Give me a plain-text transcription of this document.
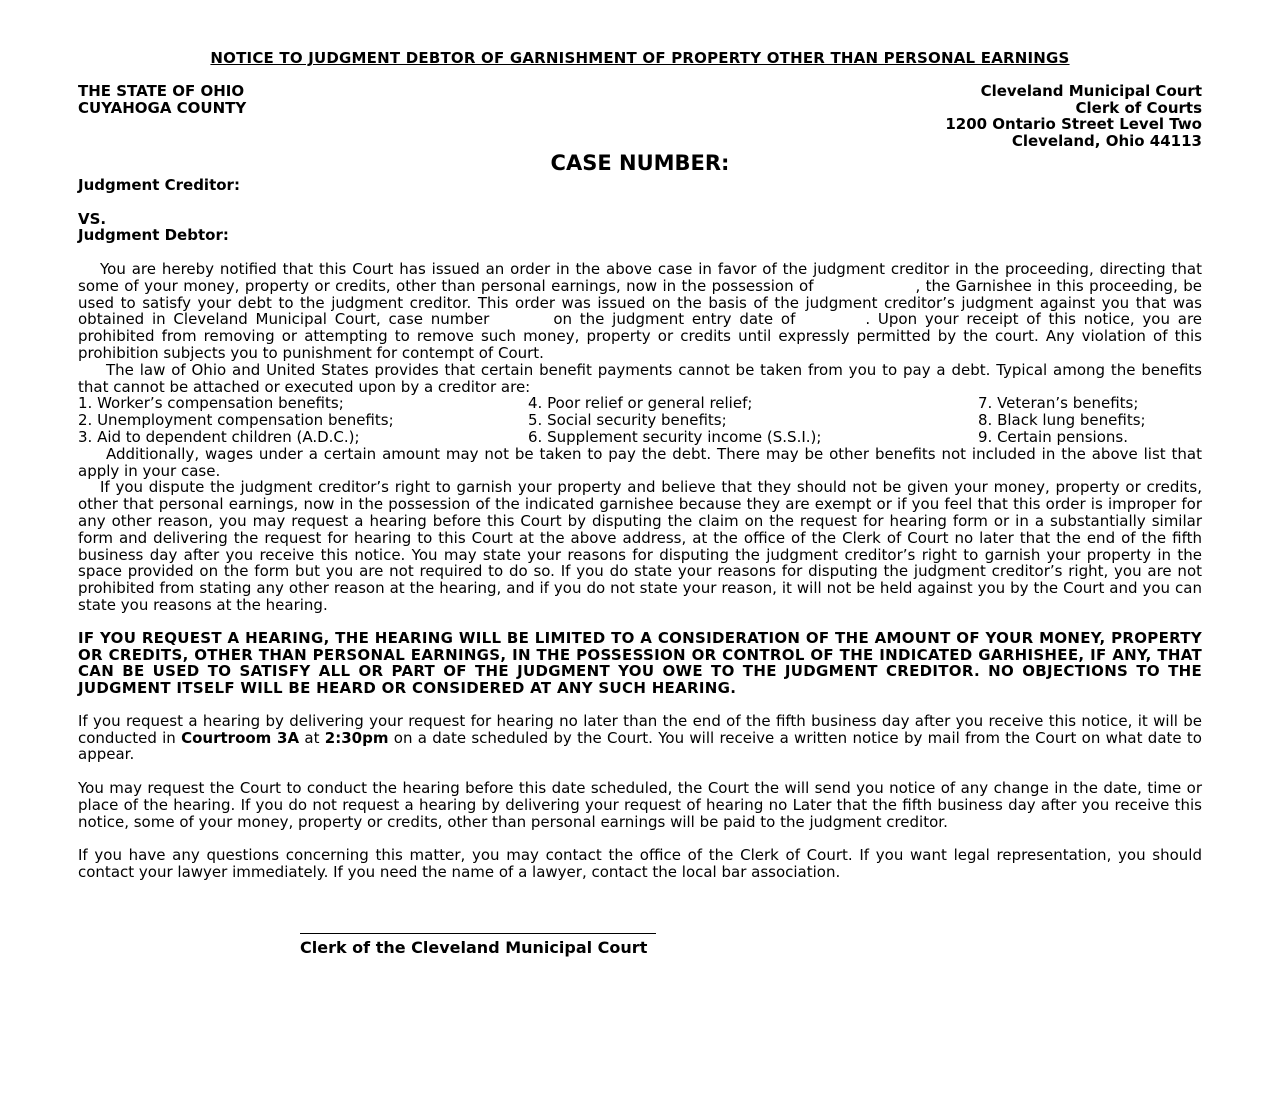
NOTICE TO JUDGMENT DEBTOR OF GARNISHMENT OF PROPERTY OTHER THAN PERSONAL EARNINGS
THE STATE OF OHIO
CUYAHOGA COUNTY
Cleveland Municipal Court
Clerk of Courts
1200 Ontario Street Level Two
Cleveland, Ohio 44113
CASE NUMBER:
Judgment Creditor:
VS.
Judgment Debtor:

You are hereby notified that this Court has issued an order in the above case in favor of the judgment creditor in the proceeding, directing that some of your money, property or credits, other than personal earnings, now in the possession of	, the Garnishee in this proceeding, be used to satisfy your debt to the judgment creditor. This order was issued on the basis of the judgment creditor’s judgment against you that was obtained in Cleveland Municipal Court, case number	on the judgment entry date of	. Upon your receipt of this notice, you are prohibited from removing or attempting to remove such money, property or credits until expressly permitted by the court. Any violation of this prohibition subjects you to punishment for contempt of Court.

The law of Ohio and United States provides that certain benefit payments cannot be taken from you to pay a debt. Typical among the benefits that cannot be attached or executed upon by a creditor are:

1. Worker’s compensation benefits;	4. Poor relief or general relief;	7. Veteran’s benefits;
2. Unemployment compensation benefits;	5. Social security benefits;	8. Black lung benefits;
3. Aid to dependent children (A.D.C.);	6. Supplement security income (S.S.I.);	9. Certain pensions.

Additionally, wages under a certain amount may not be taken to pay the debt. There may be other benefits not included in the above list that apply in your case.

If you dispute the judgment creditor’s right to garnish your property and believe that they should not be given your money, property or credits, other that personal earnings, now in the possession of the indicated garnishee because they are exempt or if you feel that this order is improper for any other reason, you may request a hearing before this Court by disputing the claim on the request for hearing form or in a substantially similar form and delivering the request for hearing to this Court at the above address, at the office of the Clerk of Court no later that the end of the fifth business day after you receive this notice. You may state your reasons for disputing the judgment creditor’s right to garnish your property in the space provided on the form but you are not required to do so. If you do state your reasons for disputing the judgment creditor’s right, you are not prohibited from stating any other reason at the hearing, and if you do not state your reason, it will not be held against you by the Court and you can state you reasons at the hearing.

IF YOU REQUEST A HEARING, THE HEARING WILL BE LIMITED TO A CONSIDERATION OF THE AMOUNT OF YOUR MONEY, PROPERTY OR CREDITS, OTHER THAN PERSONAL EARNINGS, IN THE POSSESSION OR CONTROL OF THE INDICATED GARHISHEE, IF ANY, THAT CAN BE USED TO SATISFY ALL OR PART OF THE JUDGMENT YOU OWE TO THE JUDGMENT CREDITOR. NO OBJECTIONS TO THE JUDGMENT ITSELF WILL BE HEARD OR CONSIDERED AT ANY SUCH HEARING.

If you request a hearing by delivering your request for hearing no later than the end of the fifth business day after you receive this notice, it will be conducted in Courtroom 3A at 2:30pm on a date scheduled by the Court. You will receive a written notice by mail from the Court on what date to appear.

You may request the Court to conduct the hearing before this date scheduled, the Court the will send you notice of any change in the date, time or place of the hearing. If you do not request a hearing by delivering your request of hearing no Later that the fifth business day after you receive this notice, some of your money, property or credits, other than personal earnings will be paid to the judgment creditor.

If you have any questions concerning this matter, you may contact the office of the Clerk of Court. If you want legal representation, you should contact your lawyer immediately. If you need the name of a lawyer, contact the local bar association.

Clerk of the Cleveland Municipal Court
